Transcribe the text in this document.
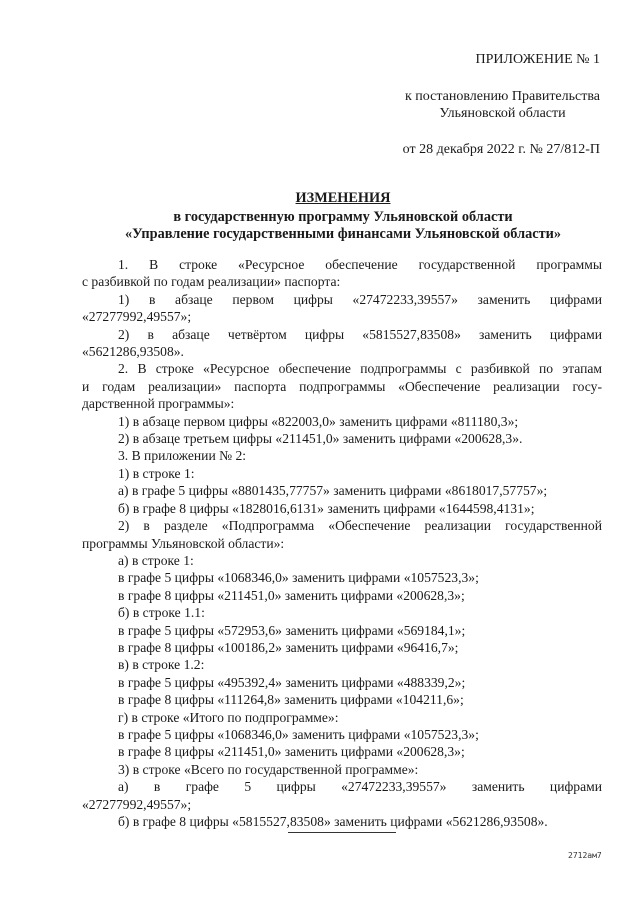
ПРИЛОЖЕНИЕ № 1
к постановлению Правительства
Ульяновской области
от 28 декабря 2022 г. № 27/812-П
ИЗМЕНЕНИЯ
в государственную программу Ульяновской области
«Управление государственными финансами Ульяновской области»

1. В строке «Ресурсное обеспечение государственной программы

с разбивкой по годам реализации» паспорта:

1) в абзаце первом цифры «27472233,39557» заменить цифрами

«27277992,49557»;

2) в абзаце четвёртом цифры «5815527,83508» заменить цифрами

«5621286,93508».

2. В строке «Ресурсное обеспечение подпрограммы с разбивкой по этапам

и годам реализации» паспорта подпрограммы «Обеспечение реализации госу-

дарственной программы»:

1) в абзаце первом цифры «822003,0» заменить цифрами «811180,3»;

2) в абзаце третьем цифры «211451,0» заменить цифрами «200628,3».

3. В приложении № 2:

1) в строке 1:

а) в графе 5 цифры «8801435,77757» заменить цифрами «8618017,57757»;

б) в графе 8 цифры «1828016,6131» заменить цифрами «1644598,4131»;

2) в разделе «Подпрограмма «Обеспечение реализации государственной

программы Ульяновской области»:

а) в строке 1:

в графе 5 цифры «1068346,0» заменить цифрами «1057523,3»;

в графе 8 цифры «211451,0» заменить цифрами «200628,3»;

б) в строке 1.1:

в графе 5 цифры «572953,6» заменить цифрами «569184,1»;

в графе 8 цифры «100186,2» заменить цифрами «96416,7»;

в) в строке 1.2:

в графе 5 цифры «495392,4» заменить цифрами «488339,2»;

в графе 8 цифры «111264,8» заменить цифрами «104211,6»;

г) в строке «Итого по подпрограмме»:

в графе 5 цифры «1068346,0» заменить цифрами «1057523,3»;

в графе 8 цифры «211451,0» заменить цифрами «200628,3»;

3) в строке «Всего по государственной программе»:

а) в графе 5 цифры «27472233,39557» заменить цифрами

«27277992,49557»;

б) в графе 8 цифры «5815527,83508» заменить цифрами «5621286,93508».

2712ам7
